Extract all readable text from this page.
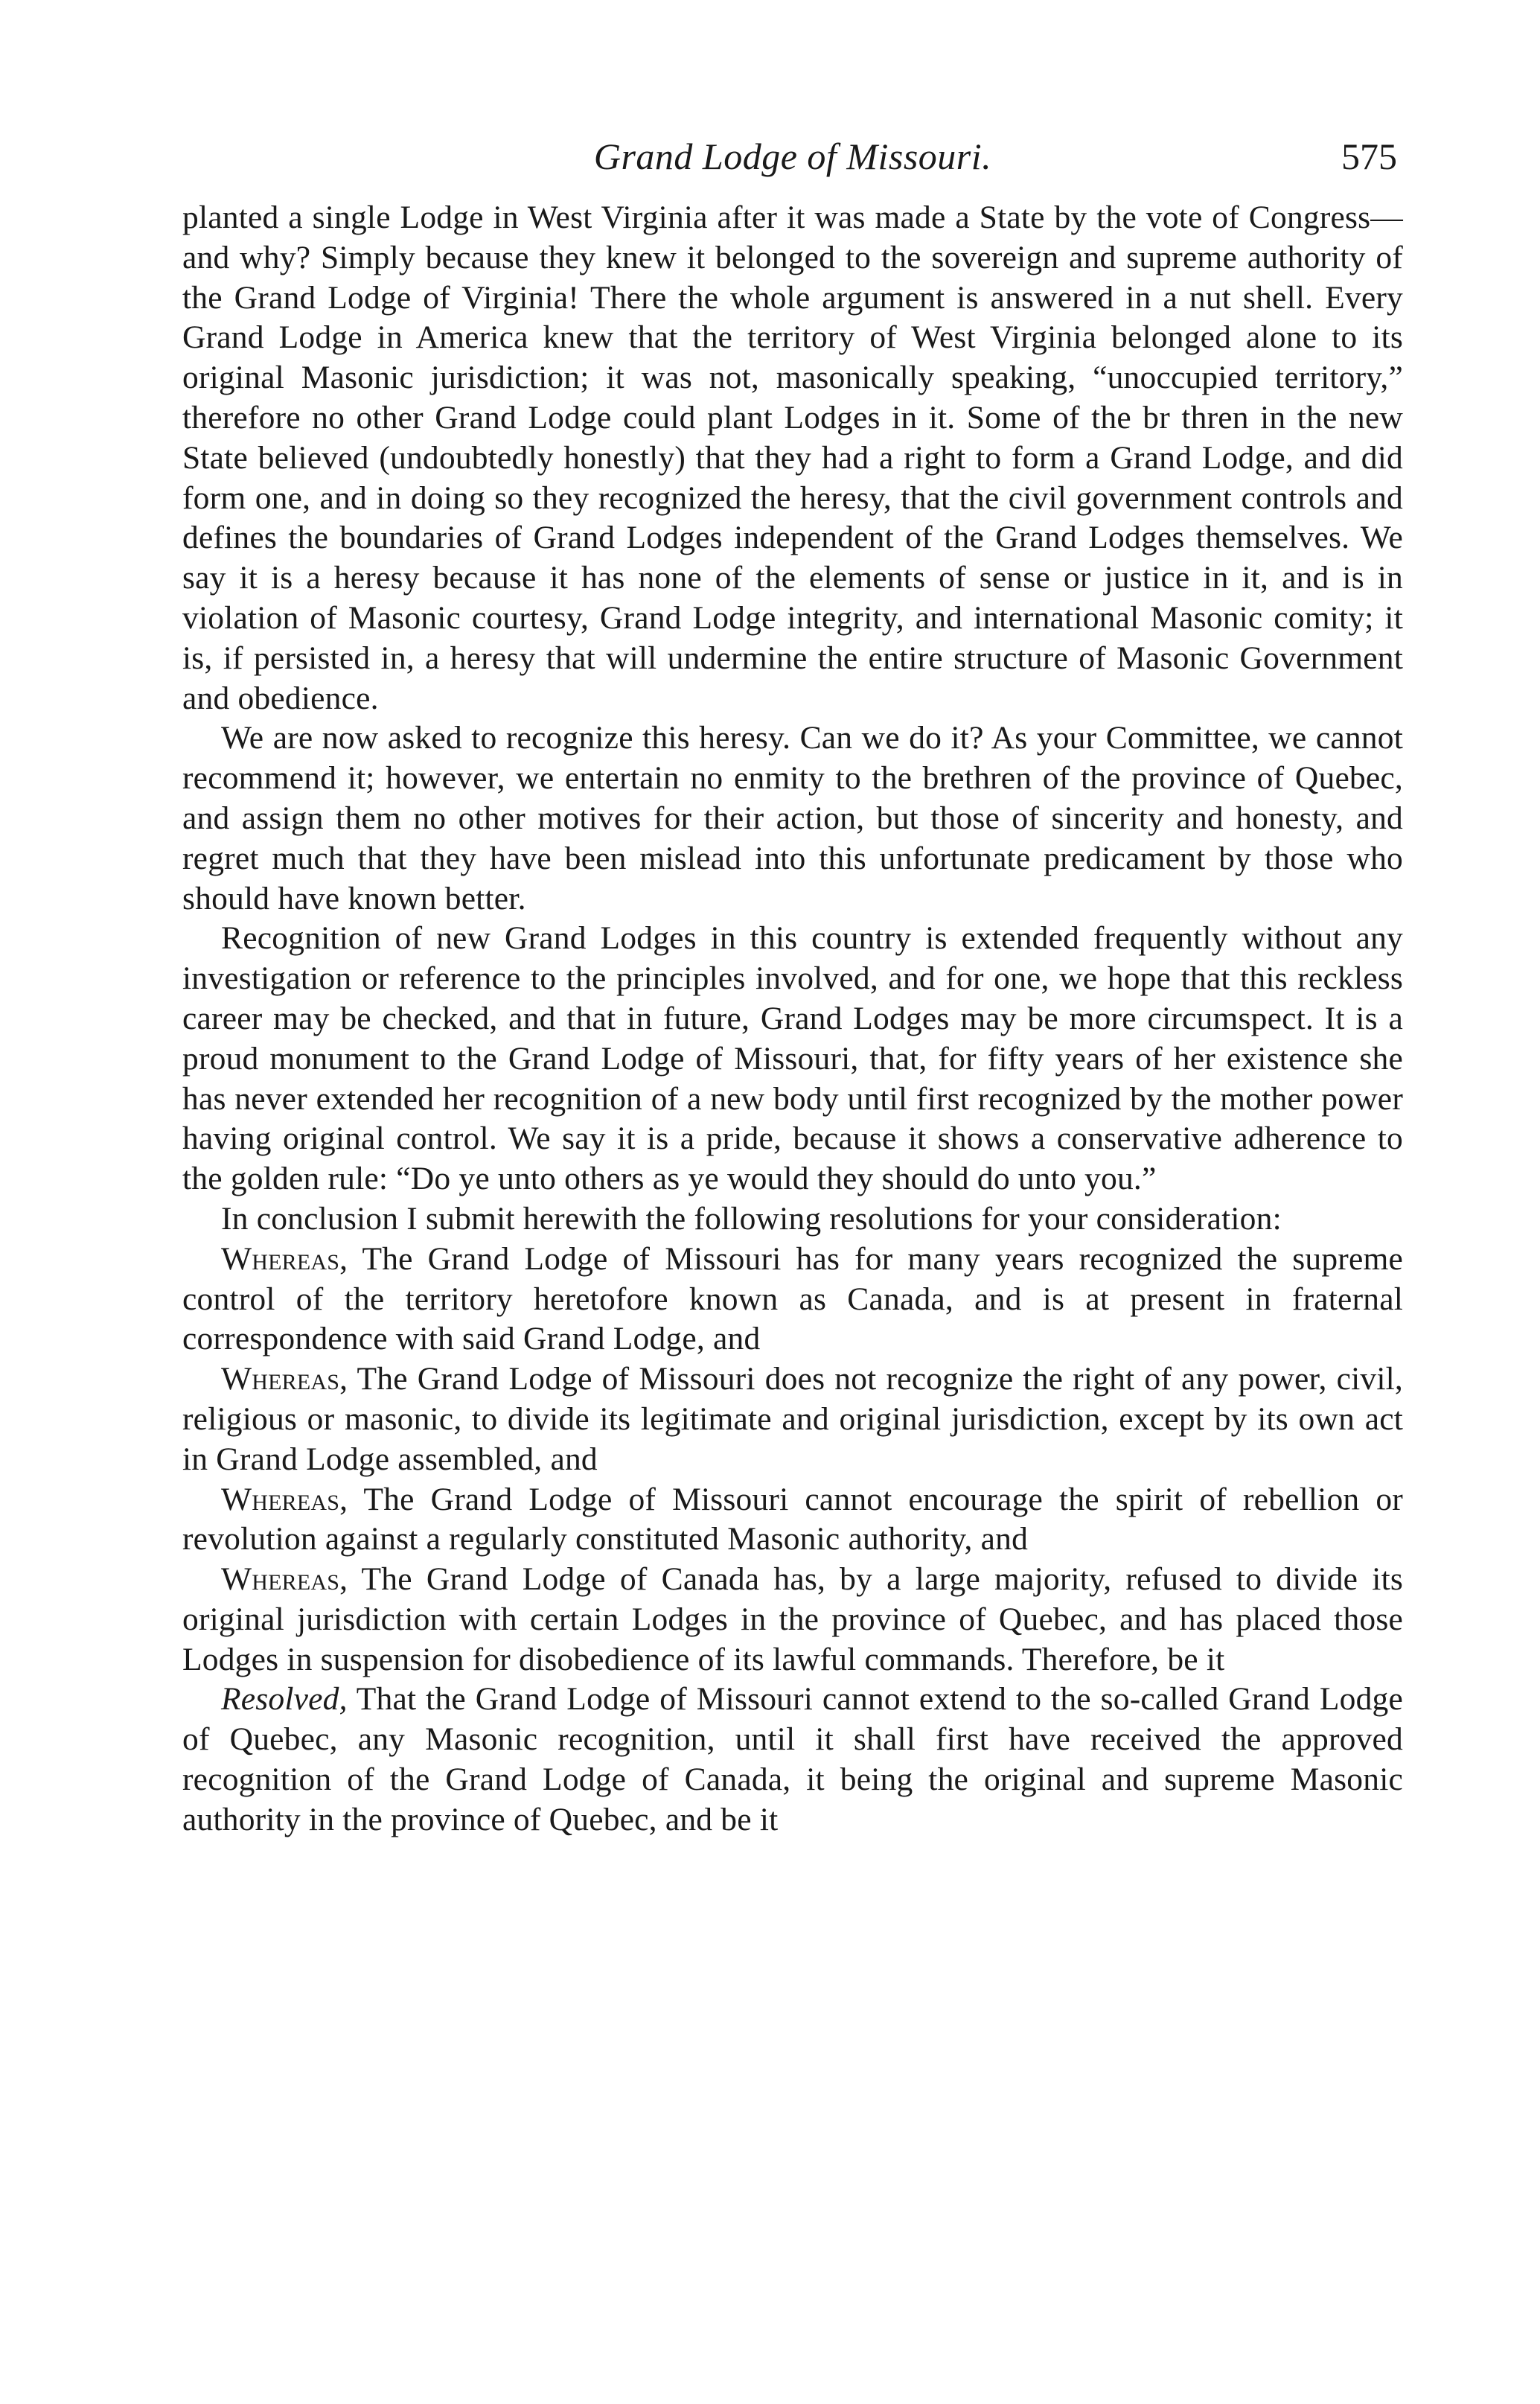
Grand Lodge of Missouri.	575

planted a single Lodge in West Virginia after it was made a State by the vote of Congress—and why? Simply because they knew it belonged to the sovereign and supreme authority of the Grand Lodge of Virginia! There the whole argument is answered in a nut shell. Every Grand Lodge in America knew that the territory of West Virginia belonged alone to its original Masonic jurisdiction; it was not, masonically speaking, “unoccupied territory,” therefore no other Grand Lodge could plant Lodges in it. Some of the br thren in the new State believed (undoubtedly honestly) that they had a right to form a Grand Lodge, and did form one, and in doing so they recognized the heresy, that the civil government controls and defines the boundaries of Grand Lodges independent of the Grand Lodges themselves. We say it is a heresy because it has none of the elements of sense or justice in it, and is in violation of Masonic courtesy, Grand Lodge integrity, and international Masonic comity; it is, if persisted in, a heresy that will undermine the entire structure of Masonic Government and obedience.

We are now asked to recognize this heresy. Can we do it? As your Committee, we cannot recommend it; however, we entertain no enmity to the brethren of the province of Quebec, and assign them no other motives for their action, but those of sincerity and honesty, and regret much that they have been mislead into this unfortunate predicament by those who should have known better.

Recognition of new Grand Lodges in this country is extended frequently without any investigation or reference to the principles involved, and for one, we hope that this reckless career may be checked, and that in future, Grand Lodges may be more circumspect. It is a proud monument to the Grand Lodge of Missouri, that, for fifty years of her existence she has never extended her recognition of a new body until first recognized by the mother power having original control. We say it is a pride, because it shows a conservative adherence to the golden rule: “Do ye unto others as ye would they should do unto you.”

In conclusion I submit herewith the following resolutions for your consideration:

Whereas, The Grand Lodge of Missouri has for many years recognized the supreme control of the territory heretofore known as Canada, and is at present in fraternal correspondence with said Grand Lodge, and

Whereas, The Grand Lodge of Missouri does not recognize the right of any power, civil, religious or masonic, to divide its legitimate and original jurisdiction, except by its own act in Grand Lodge assembled, and

Whereas, The Grand Lodge of Missouri cannot encourage the spirit of rebellion or revolution against a regularly constituted Masonic authority, and

Whereas, The Grand Lodge of Canada has, by a large majority, refused to divide its original jurisdiction with certain Lodges in the province of Quebec, and has placed those Lodges in suspension for disobedience of its lawful commands. Therefore, be it

Resolved, That the Grand Lodge of Missouri cannot extend to the so-called Grand Lodge of Quebec, any Masonic recognition, until it shall first have received the approved recognition of the Grand Lodge of Canada, it being the original and supreme Masonic authority in the province of Quebec, and be it
